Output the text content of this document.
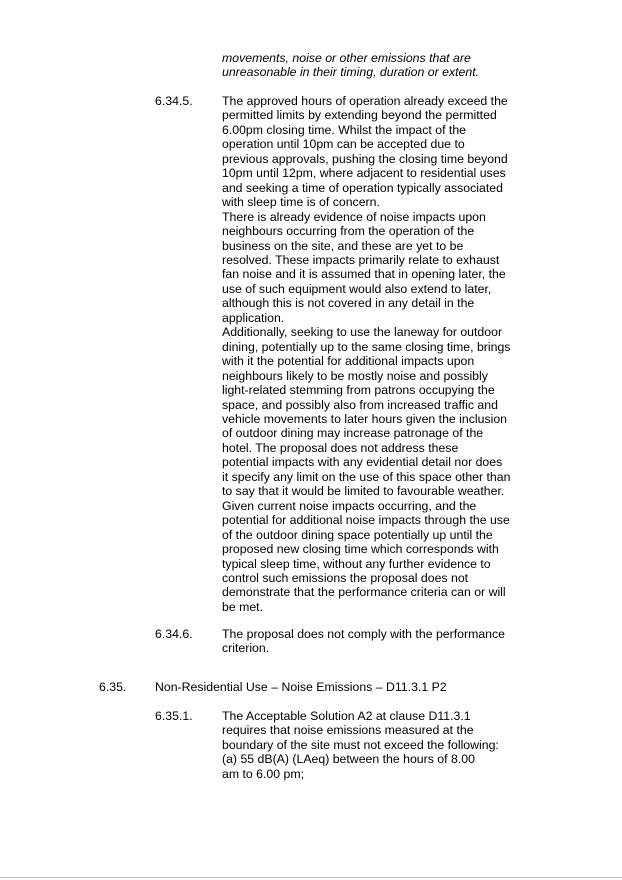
movements, noise or other emissions that are
unreasonable in their timing, duration or extent.
6.34.5. The approved hours of operation already exceed the
permitted limits by extending beyond the permitted
6.00pm closing time. Whilst the impact of the
operation until 10pm can be accepted due to
previous approvals, pushing the closing time beyond
10pm until 12pm, where adjacent to residential uses
and seeking a time of operation typically associated
with sleep time is of concern.
There is already evidence of noise impacts upon
neighbours occurring from the operation of the
business on the site, and these are yet to be
resolved. These impacts primarily relate to exhaust
fan noise and it is assumed that in opening later, the
use of such equipment would also extend to later,
although this is not covered in any detail in the
application.
Additionally, seeking to use the laneway for outdoor
dining, potentially up to the same closing time, brings
with it the potential for additional impacts upon
neighbours likely to be mostly noise and possibly
light-related stemming from patrons occupying the
space, and possibly also from increased traffic and
vehicle movements to later hours given the inclusion
of outdoor dining may increase patronage of the
hotel. The proposal does not address these
potential impacts with any evidential detail nor does
it specify any limit on the use of this space other than
to say that it would be limited to favourable weather.
Given current noise impacts occurring, and the
potential for additional noise impacts through the use
of the outdoor dining space potentially up until the
proposed new closing time which corresponds with
typical sleep time, without any further evidence to
control such emissions the proposal does not
demonstrate that the performance criteria can or will
be met.
6.34.6. The proposal does not comply with the performance
criterion.
6.35. Non-Residential Use – Noise Emissions – D11.3.1 P2
6.35.1. The Acceptable Solution A2 at clause D11.3.1
requires that noise emissions measured at the
boundary of the site must not exceed the following:
(a) 55 dB(A) (LAeq) between the hours of 8.00
am to 6.00 pm;
